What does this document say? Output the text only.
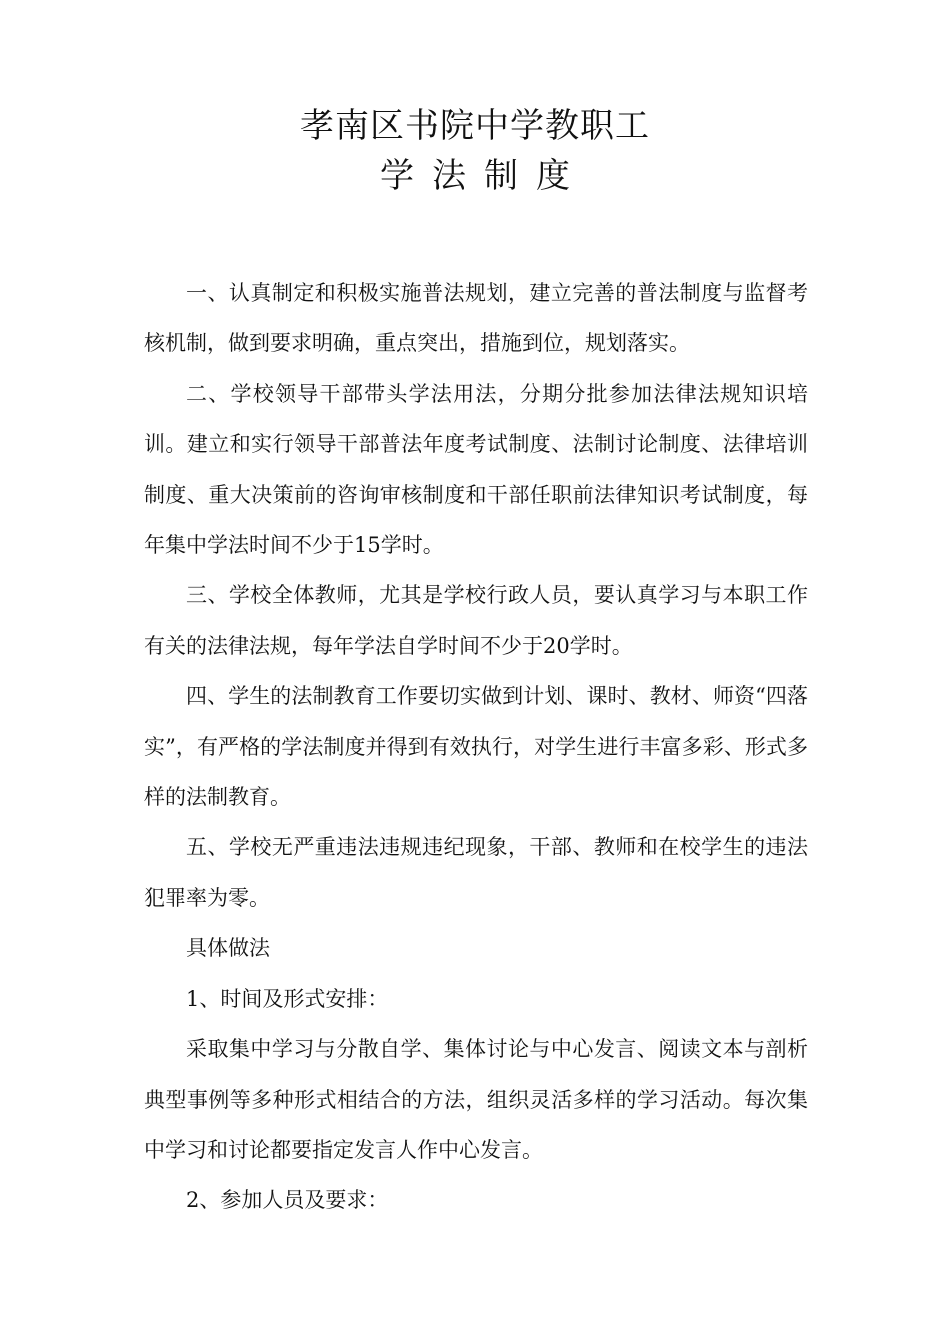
孝南区书院中学教职工
学法制度

一、认真制定和积极实施普法规划，建立完善的普法制度与监督考核机制，做到要求明确，重点突出，措施到位，规划落实。

二、学校领导干部带头学法用法，分期分批参加法律法规知识培训。建立和实行领导干部普法年度考试制度、法制讨论制度、法律培训制度、重大决策前的咨询审核制度和干部任职前法律知识考试制度，每年集中学法时间不少于15学时。

三、学校全体教师，尤其是学校行政人员，要认真学习与本职工作有关的法律法规，每年学法自学时间不少于20学时。

四、学生的法制教育工作要切实做到计划、课时、教材、师资“四落实”，有严格的学法制度并得到有效执行，对学生进行丰富多彩、形式多样的法制教育。

五、学校无严重违法违规违纪现象，干部、教师和在校学生的违法犯罪率为零。

具体做法

1、时间及形式安排：

采取集中学习与分散自学、集体讨论与中心发言、阅读文本与剖析典型事例等多种形式相结合的方法，组织灵活多样的学习活动。每次集中学习和讨论都要指定发言人作中心发言。

2、参加人员及要求：
